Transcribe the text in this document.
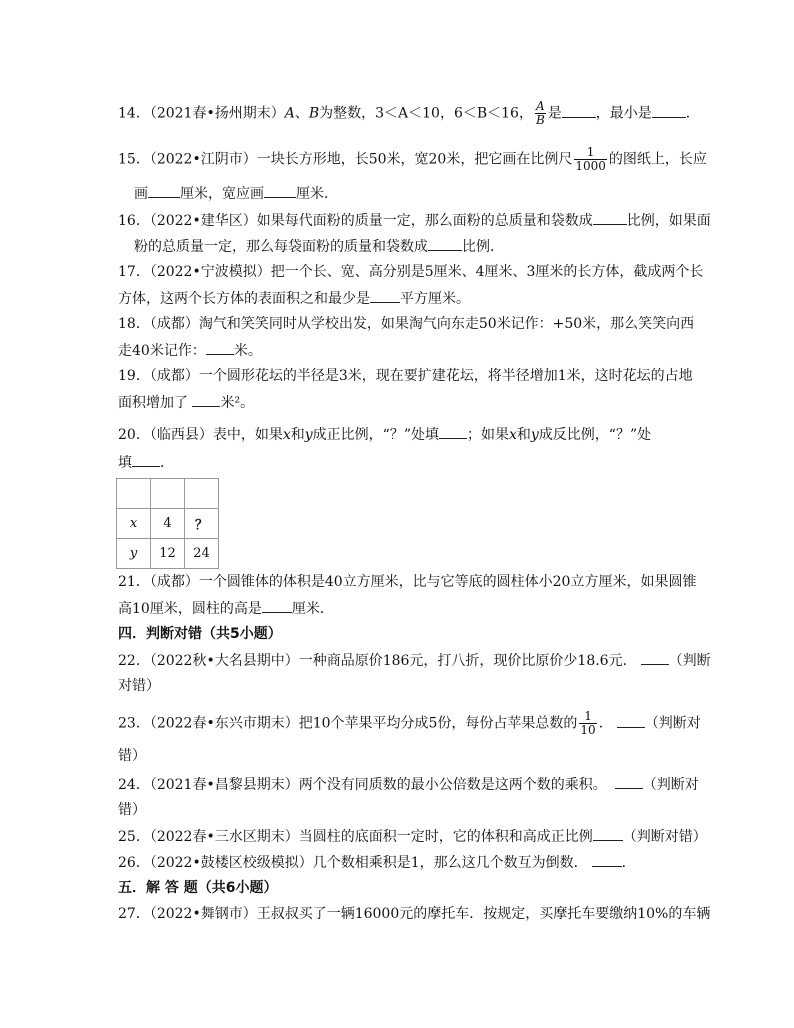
14．（2021春•扬州期末）A、B为整数，3＜A＜10，6＜B＜16， $\frac{A}{B}$ 是 ，最小是 ．
15．（2022•江阴市）一块长方形地，长50米，宽20米，把它画在比例尺 $\frac{1}{1000}$ 的图纸上，长应
画 厘米，宽应画 厘米．
16．（2022•建华区）如果每代面粉的质量一定，那么面粉的总质量和袋数成 比例，如果面
粉的总质量一定，那么每袋面粉的质量和袋数成 比例．
17．（2022•宁波模拟）把一个长、宽、高分别是5厘米、4厘米、3厘米的长方体，截成两个长
方体，这两个长方体的表面积之和最少是 平方厘米。
18．（成都）淘气和笑笑同时从学校出发，如果淘气向东走50米记作：+50米，那么笑笑向西
走40米记作： 米。
19．（成都）一个圆形花坛的半径是3米，现在要扩建花坛，将半径增加1米，这时花坛的占地
面积增加了 米²。
20．（临西县）表中，如果x和y成正比例，“？”处填 ；如果x和y成反比例，“？”处
填 ．

x	4	？
y	12	24
21．（成都）一个圆锥体的体积是40立方厘米，比与它等底的圆柱体小20立方厘米，如果圆锥
高10厘米，圆柱的高是 厘米．
四．判断对错（共5小题）
22．（2022秋•大名县期中）一种商品原价186元，打八折，现价比原价少18.6元． （判断
对错）
23．（2022春•东兴市期末）把10个苹果平均分成5份，每份占苹果总数的 $\frac{1}{10}$ ． （判断对
错）
24．（2021春•昌黎县期末）两个没有同质数的最小公倍数是这两个数的乘积。	（判断对
错）
25．（2022春•三水区期末）当圆柱的底面积一定时，它的体积和高成正比例 （判断对错）
26．（2022•鼓楼区校级模拟）几个数相乘积是1，那么这几个数互为倒数． ．
五．解 答 题（共6小题）
27．（2022•舞钢市）王叔叔买了一辆16000元的摩托车．按规定，买摩托车要缴纳10%的车辆
